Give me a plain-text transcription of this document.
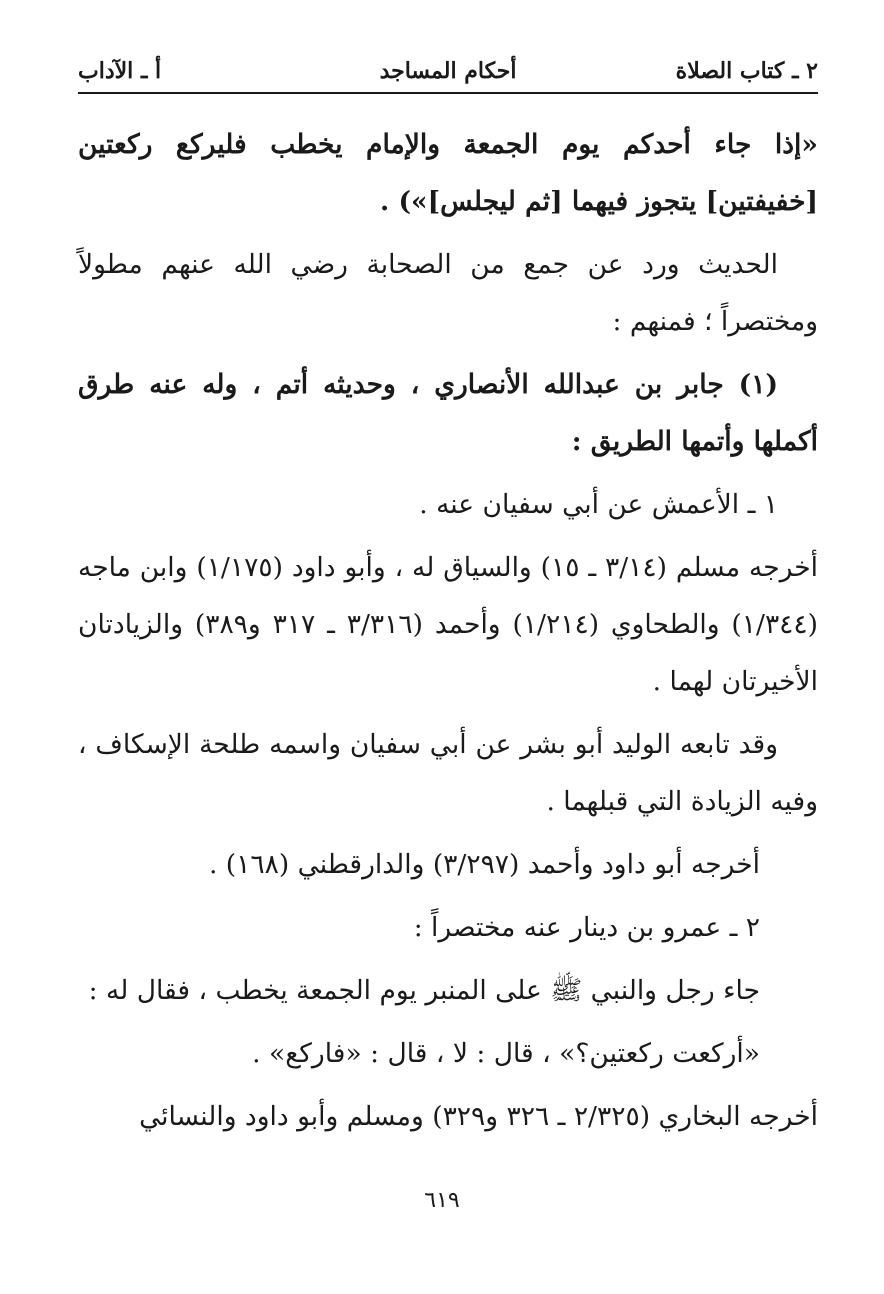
٢ ـ كتاب الصلاة
أحكام المساجد
أ ـ الآداب

«إذا جاء أحدكم يوم الجمعة والإمام يخطب فليركع ركعتين [خفيفتين] يتجوز فيهما [ثم ليجلس]») .

الحديث ورد عن جمع من الصحابة رضي الله عنهم مطولاً ومختصراً ؛ فمنهم :

(١) جابر بن عبدالله الأنصاري ، وحديثه أتم ، وله عنه طرق أكملها وأتمها الطريق :

١ ـ الأعمش عن أبي سفيان عنه .

أخرجه مسلم (٣/١٤ ـ ١٥) والسياق له ، وأبو داود (١/١٧٥) وابن ماجه (١/٣٤٤) والطحاوي (١/٢١٤) وأحمد (٣/٣١٦ ـ ٣١٧ و٣٨٩) والزيادتان الأخيرتان لهما .

وقد تابعه الوليد أبو بشر عن أبي سفيان واسمه طلحة الإسكاف ، وفيه الزيادة التي قبلهما .

أخرجه أبو داود وأحمد (٣/٢٩٧) والدارقطني (١٦٨) .

٢ ـ عمرو بن دينار عنه مختصراً :

جاء رجل والنبي ﷺ على المنبر يوم الجمعة يخطب ، فقال له :

«أركعت ركعتين؟» ، قال : لا ، قال : «فاركع» .

أخرجه البخاري (٢/٣٢٥ ـ ٣٢٦ و٣٢٩) ومسلم وأبو داود والنسائي

٦١٩
